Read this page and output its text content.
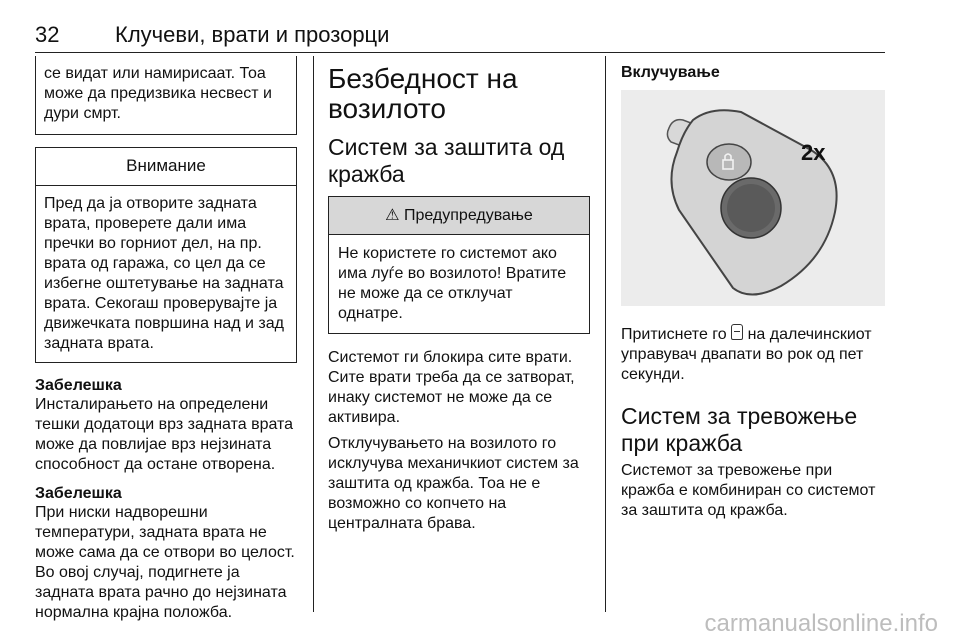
32	Клучеви, врати и прозорци

се видат или намирисаат. Тоа може да предизвика несвест и дури смрт.

Внимание

Пред да ја отворите задната врата, проверете дали има пречки во горниот дел, на пр. врата од гаража, со цел да се избегне оштетување на задната врата. Секогаш проверувајте ја движечката површина над и зад задната врата.

Забелешка

Инсталирањето на определени тешки додатоци врз задната врата може да повлијае врз нејзината способност да остане отворена.

Забелешка

При ниски надворешни температури, задната врата не може сама да се отвори во целост. Во овој случај, подигнете ја задната врата рачно до нејзината нормална крајна положба.

Безбедност на возилото
Систем за заштита од кражба
⚠ Предупредување

Не користете го системот ако има луѓе во возилото! Вратите не може да се отклучат однатре.

Системот ги блокира сите врати. Сите врати треба да се затворат, инаку системот не може да се активира.

Отклучувањето на возилото го исклучува механичкиот систем за заштита од кражба. Тоа не е возможно со копчето на централната брава.

Вклучување
2x

Притиснете го на далечинскиот управувач двапати во рок од пет секунди.

Систем за тревожење при кражба

Системот за тревожење при кражба е комбиниран со системот за заштита од кражба.

carmanualsonline.info
